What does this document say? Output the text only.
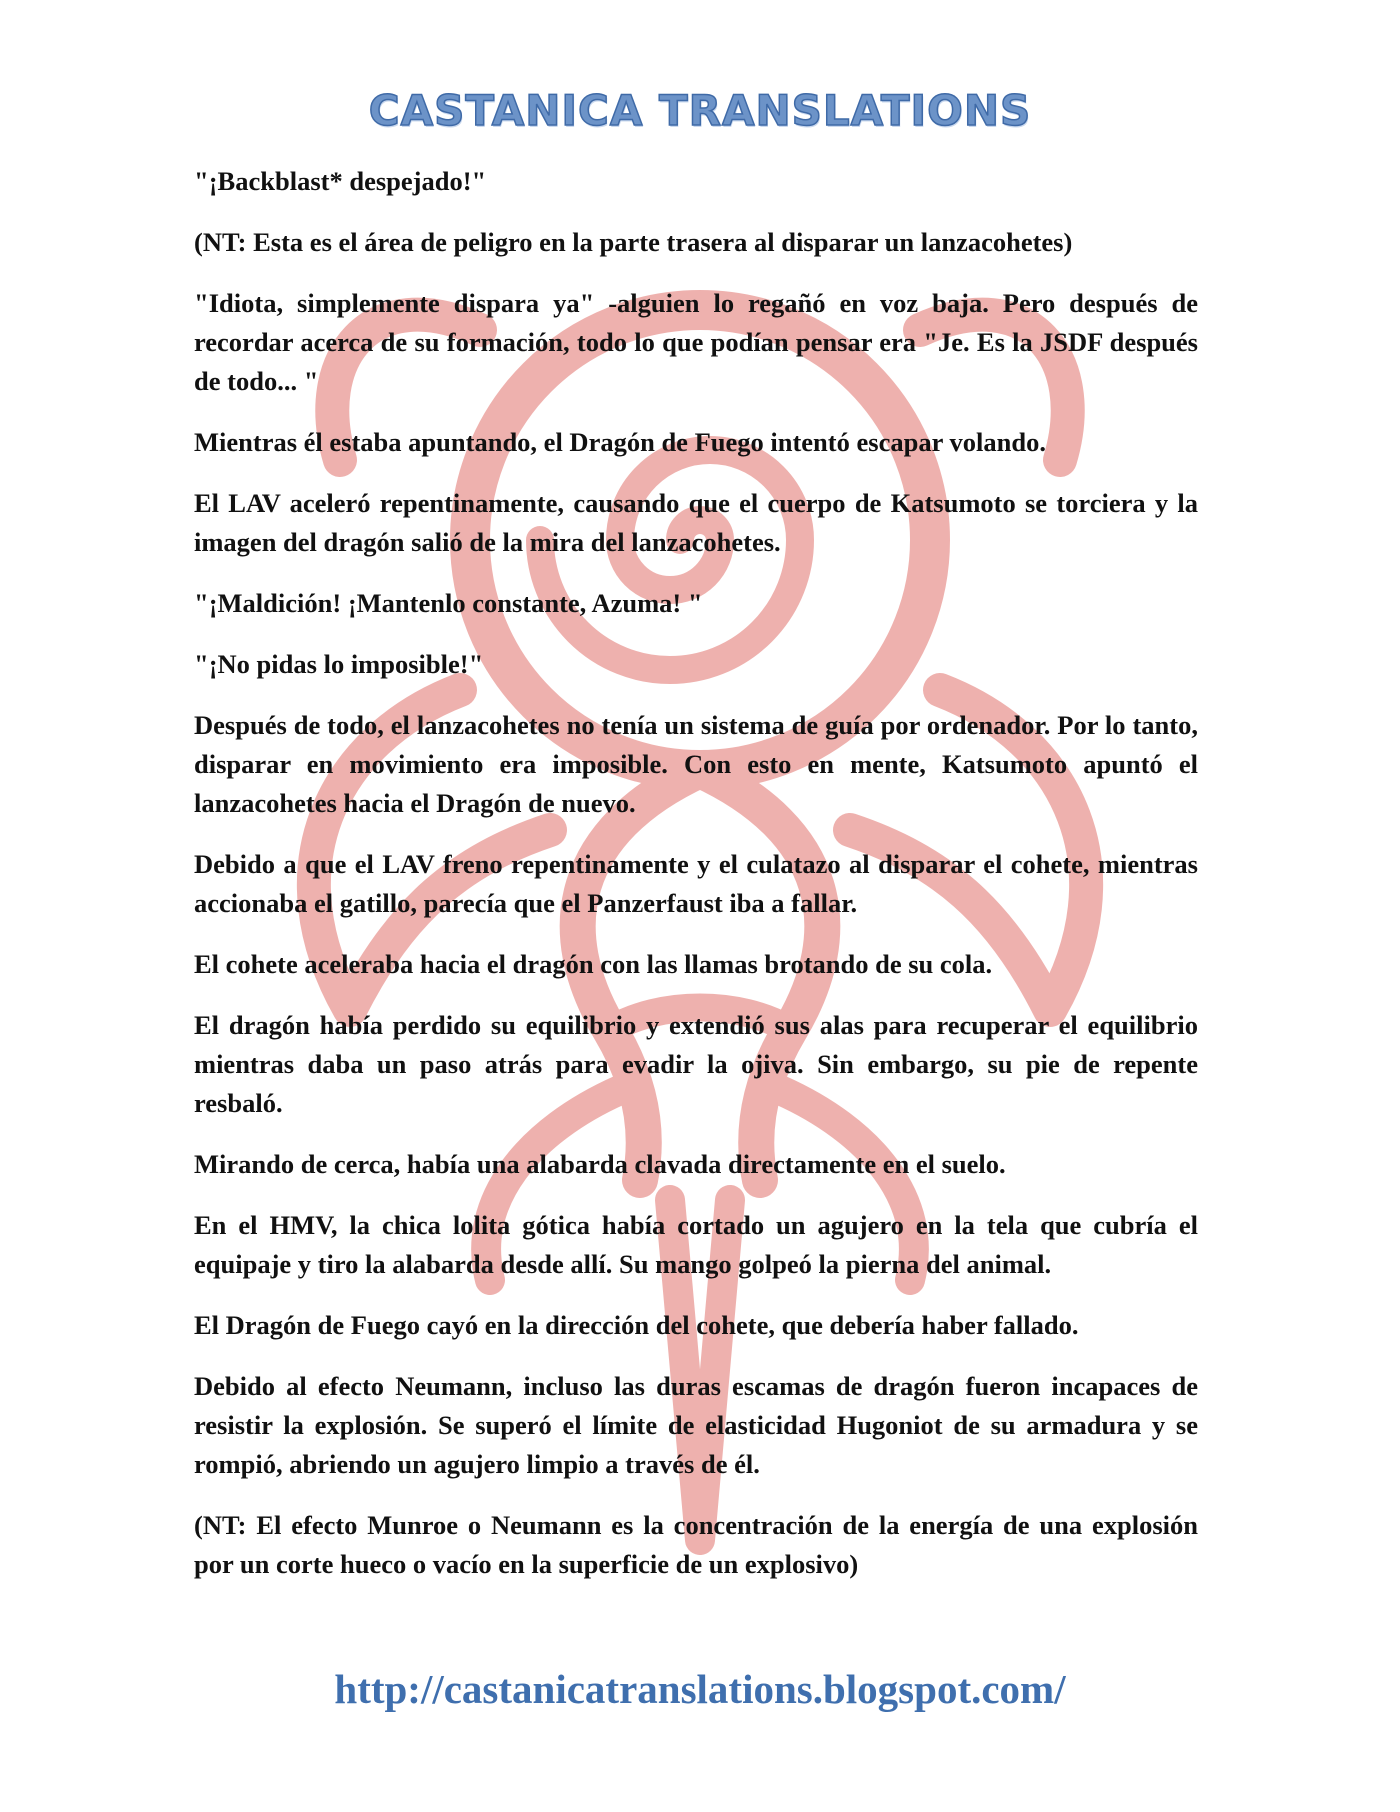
CASTANICA TRANSLATIONS

"¡Backblast* despejado!"

(NT: Esta es el área de peligro en la parte trasera al disparar un lanzacohetes)

"Idiota, simplemente dispara ya" -alguien lo regañó en voz baja. Pero después de recordar acerca de su formación, todo lo que podían pensar era "Je. Es la JSDF después de todo... "

Mientras él estaba apuntando, el Dragón de Fuego intentó escapar volando.

El LAV aceleró repentinamente, causando que el cuerpo de Katsumoto se torciera y la imagen del dragón salió de la mira del lanzacohetes.

"¡Maldición! ¡Mantenlo constante, Azuma! "

"¡No pidas lo imposible!"

Después de todo, el lanzacohetes no tenía un sistema de guía por ordenador. Por lo tanto, disparar en movimiento era imposible. Con esto en mente, Katsumoto apuntó el lanzacohetes hacia el Dragón de nuevo.

Debido a que el LAV freno repentinamente y el culatazo al disparar el cohete, mientras accionaba el gatillo, parecía que el Panzerfaust iba a fallar.

El cohete aceleraba hacia el dragón con las llamas brotando de su cola.

El dragón había perdido su equilibrio y extendió sus alas para recuperar el equilibrio mientras daba un paso atrás para evadir la ojiva. Sin embargo, su pie de repente resbaló.

Mirando de cerca, había una alabarda clavada directamente en el suelo.

En el HMV, la chica lolita gótica había cortado un agujero en la tela que cubría el equipaje y tiro la alabarda desde allí. Su mango golpeó la pierna del animal.

El Dragón de Fuego cayó en la dirección del cohete, que debería haber fallado.

Debido al efecto Neumann, incluso las duras escamas de dragón fueron incapaces de resistir la explosión. Se superó el límite de elasticidad Hugoniot de su armadura y se rompió, abriendo un agujero limpio a través de él.

(NT: El efecto Munroe o Neumann es la concentración de la energía de una explosión por un corte hueco o vacío en la superficie de un explosivo)

http://castanicatranslations.blogspot.com/
